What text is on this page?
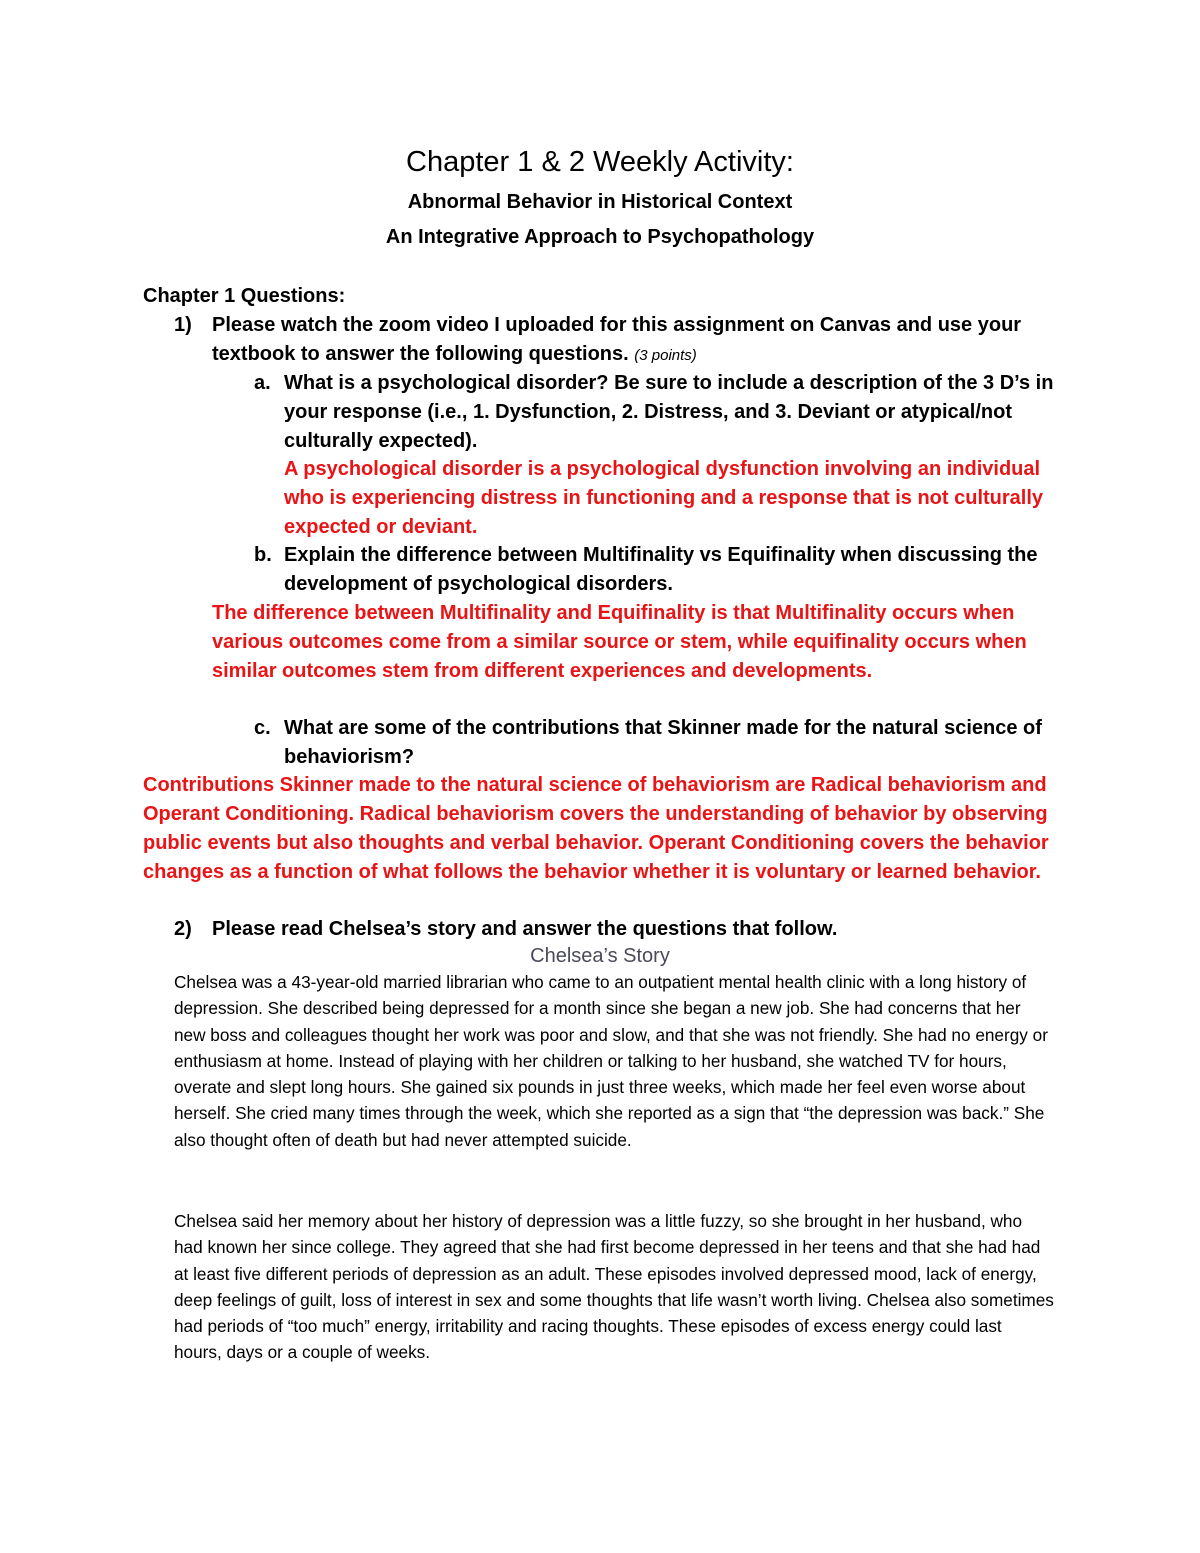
Chapter 1 & 2 Weekly Activity:
Abnormal Behavior in Historical Context
An Integrative Approach to Psychopathology
Chapter 1 Questions:
1) Please watch the zoom video I uploaded for this assignment on Canvas and use your textbook to answer the following questions. (3 points)
a. What is a psychological disorder? Be sure to include a description of the 3 D’s in your response (i.e., 1. Dysfunction, 2. Distress, and 3. Deviant or atypical/not culturally expected).
A psychological disorder is a psychological dysfunction involving an individual who is experiencing distress in functioning and a response that is not culturally expected or deviant.
b. Explain the difference between Multifinality vs Equifinality when discussing the development of psychological disorders.
The difference between Multifinality and Equifinality is that Multifinality occurs when various outcomes come from a similar source or stem, while equifinality occurs when similar outcomes stem from different experiences and developments.
c. What are some of the contributions that Skinner made for the natural science of behaviorism?
Contributions Skinner made to the natural science of behaviorism are Radical behaviorism and Operant Conditioning. Radical behaviorism covers the understanding of behavior by observing public events but also thoughts and verbal behavior. Operant Conditioning covers the behavior changes as a function of what follows the behavior whether it is voluntary or learned behavior.
2) Please read Chelsea’s story and answer the questions that follow.
Chelsea’s Story
Chelsea was a 43-year-old married librarian who came to an outpatient mental health clinic with a long history of depression. She described being depressed for a month since she began a new job. She had concerns that her new boss and colleagues thought her work was poor and slow, and that she was not friendly. She had no energy or enthusiasm at home. Instead of playing with her children or talking to her husband, she watched TV for hours, overate and slept long hours. She gained six pounds in just three weeks, which made her feel even worse about herself. She cried many times through the week, which she reported as a sign that “the depression was back.” She also thought often of death but had never attempted suicide.
Chelsea said her memory about her history of depression was a little fuzzy, so she brought in her husband, who had known her since college. They agreed that she had first become depressed in her teens and that she had had at least five different periods of depression as an adult. These episodes involved depressed mood, lack of energy, deep feelings of guilt, loss of interest in sex and some thoughts that life wasn’t worth living. Chelsea also sometimes had periods of “too much” energy, irritability and racing thoughts. These episodes of excess energy could last hours, days or a couple of weeks.
